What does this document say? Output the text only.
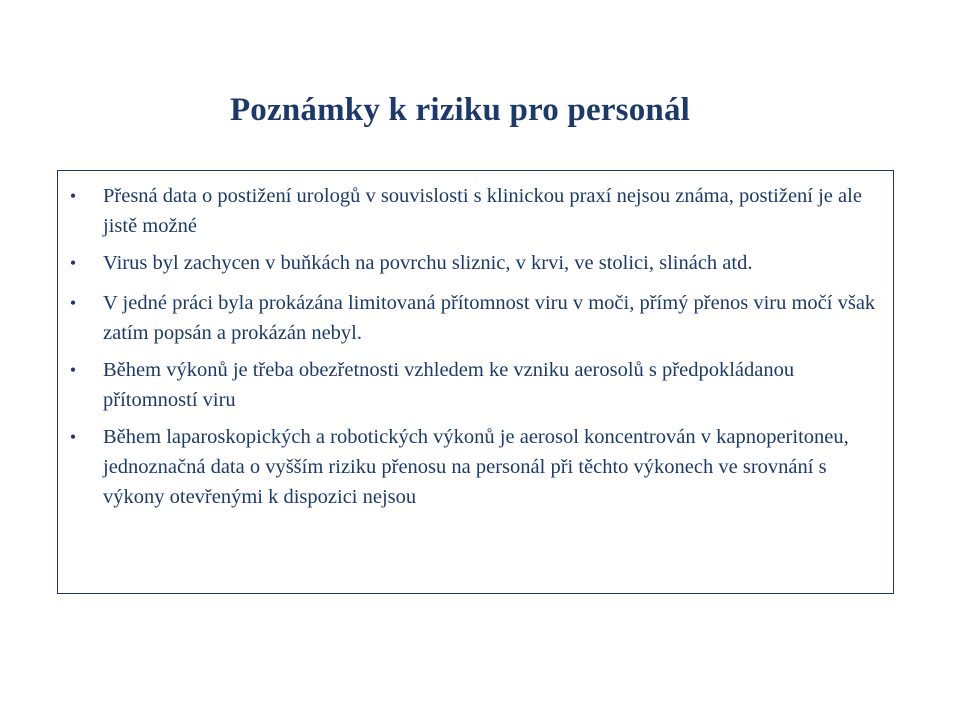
Poznámky k riziku pro personál
•	Přesná data o postižení urologů v souvislosti s klinickou praxí nejsou známa, postižení je ale jistě možné
•	Virus byl zachycen v buňkách na povrchu sliznic, v krvi, ve stolici, slinách atd.
•	V jedné práci byla prokázána limitovaná přítomnost viru v moči, přímý přenos viru močí však zatím popsán a prokázán nebyl.
•	Během výkonů je třeba obezřetnosti vzhledem ke vzniku aerosolů s předpokládanou přítomností viru
•	Během laparoskopických a robotických výkonů je aerosol koncentrován v kapnoperitoneu, jednoznačná data o vyšším riziku přenosu na personál při těchto výkonech ve srovnání s výkony otevřenými k dispozici nejsou
